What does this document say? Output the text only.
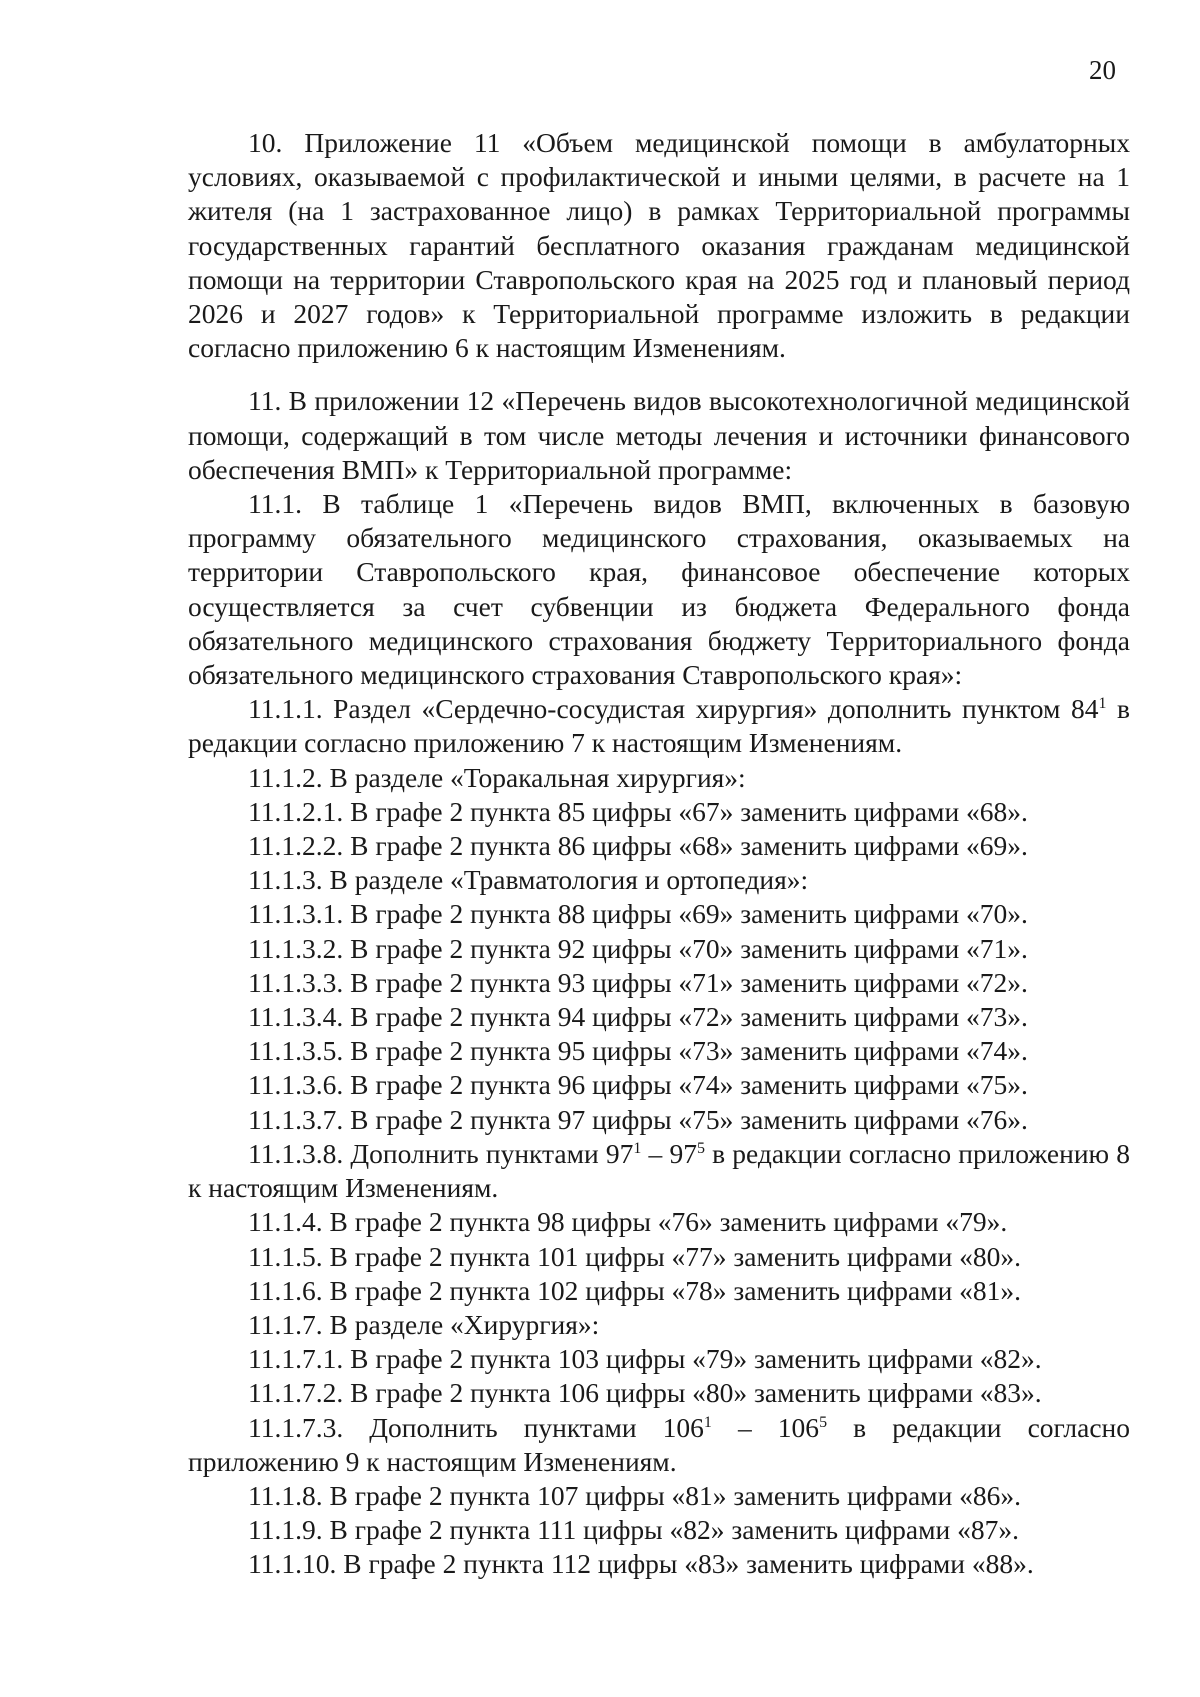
20

10. Приложение 11 «Объем медицинской помощи в амбулаторных условиях, оказываемой с профилактической и иными целями, в расчете на 1 жителя (на 1 застрахованное лицо) в рамках Территориальной программы государственных гарантий бесплатного оказания гражданам медицинской помощи на территории Ставропольского края на 2025 год и плановый период 2026 и 2027 годов» к Территориальной программе изложить в редакции согласно приложению 6 к настоящим Изменениям.

11. В приложении 12 «Перечень видов высокотехнологичной медицинской помощи, содержащий в том числе методы лечения и источники финансового обеспечения ВМП» к Территориальной программе:

11.1. В таблице 1 «Перечень видов ВМП, включенных в базовую программу обязательного медицинского страхования, оказываемых на территории Ставропольского края, финансовое обеспечение которых осуществляется за счет субвенции из бюджета Федерального фонда обязательного медицинского страхования бюджету Территориального фонда обязательного медицинского страхования Ставропольского края»:

11.1.1. Раздел «Сердечно-сосудистая хирургия» дополнить пунктом $84^1$ в редакции согласно приложению 7 к настоящим Изменениям.

11.1.2. В разделе «Торакальная хирургия»:

11.1.2.1. В графе 2 пункта 85 цифры «67» заменить цифрами «68».

11.1.2.2. В графе 2 пункта 86 цифры «68» заменить цифрами «69».

11.1.3. В разделе «Травматология и ортопедия»:

11.1.3.1. В графе 2 пункта 88 цифры «69» заменить цифрами «70».

11.1.3.2. В графе 2 пункта 92 цифры «70» заменить цифрами «71».

11.1.3.3. В графе 2 пункта 93 цифры «71» заменить цифрами «72».

11.1.3.4. В графе 2 пункта 94 цифры «72» заменить цифрами «73».

11.1.3.5. В графе 2 пункта 95 цифры «73» заменить цифрами «74».

11.1.3.6. В графе 2 пункта 96 цифры «74» заменить цифрами «75».

11.1.3.7. В графе 2 пункта 97 цифры «75» заменить цифрами «76».

11.1.3.8. Дополнить пунктами $97^1 - 97^5$ в редакции согласно приложению 8 к настоящим Изменениям.

11.1.4. В графе 2 пункта 98 цифры «76» заменить цифрами «79».

11.1.5. В графе 2 пункта 101 цифры «77» заменить цифрами «80».

11.1.6. В графе 2 пункта 102 цифры «78» заменить цифрами «81».

11.1.7. В разделе «Хирургия»:

11.1.7.1. В графе 2 пункта 103 цифры «79» заменить цифрами «82».

11.1.7.2. В графе 2 пункта 106 цифры «80» заменить цифрами «83».

11.1.7.3. Дополнить пунктами $106^1 - 106^5$ в редакции согласно приложению 9 к настоящим Изменениям.

11.1.8. В графе 2 пункта 107 цифры «81» заменить цифрами «86».

11.1.9. В графе 2 пункта 111 цифры «82» заменить цифрами «87».

11.1.10. В графе 2 пункта 112 цифры «83» заменить цифрами «88».
